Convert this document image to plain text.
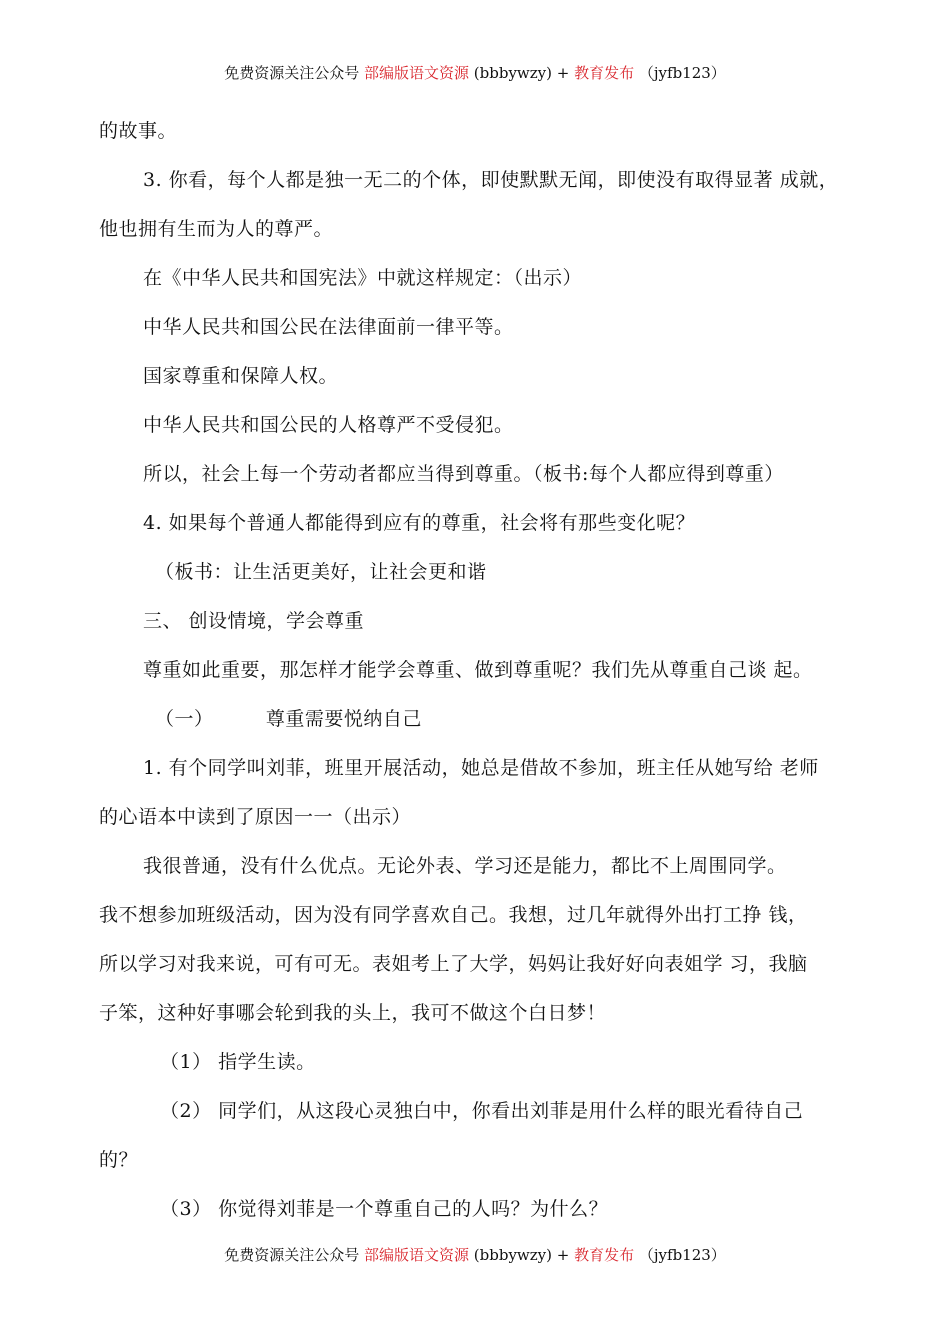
免费资源关注公众号 部编版语文资源 (bbbywzy) + 教育发布 （jyfb123）
的故事。
3. 你看，每个人都是独一无二的个体，即使默默无闻，即使没有取得显著 成就，
他也拥有生而为人的尊严。
在《中华人民共和国宪法》中就这样规定：（出示）
中华人民共和国公民在法律面前一律平等。
国家尊重和保障人权。
中华人民共和国公民的人格尊严不受侵犯。
所以，社会上每一个劳动者都应当得到尊重。（板书:每个人都应得到尊重）
4. 如果每个普通人都能得到应有的尊重，社会将有那些变化呢？
（板书：让生活更美好，让社会更和谐
三、 创设情境，学会尊重
尊重如此重要，那怎样才能学会尊重、做到尊重呢？我们先从尊重自己谈 起。
（一）        尊重需要悦纳自己
1. 有个同学叫刘菲，班里开展活动，她总是借故不参加，班主任从她写给 老师
的心语本中读到了原因一一（出示）
我很普通，没有什么优点。无论外表、学习还是能力，都比不上周围同学。
我不想参加班级活动，因为没有同学喜欢自己。我想，过几年就得外出打工挣 钱，
所以学习对我来说，可有可无。表姐考上了大学，妈妈让我好好向表姐学 习，我脑
子笨，这种好事哪会轮到我的头上，我可不做这个白日梦！
（1） 指学生读。
（2） 同学们，从这段心灵独白中，你看出刘菲是用什么样的眼光看待自己
的？
（3） 你觉得刘菲是一个尊重自己的人吗？为什么？
免费资源关注公众号 部编版语文资源 (bbbywzy) + 教育发布 （jyfb123）
